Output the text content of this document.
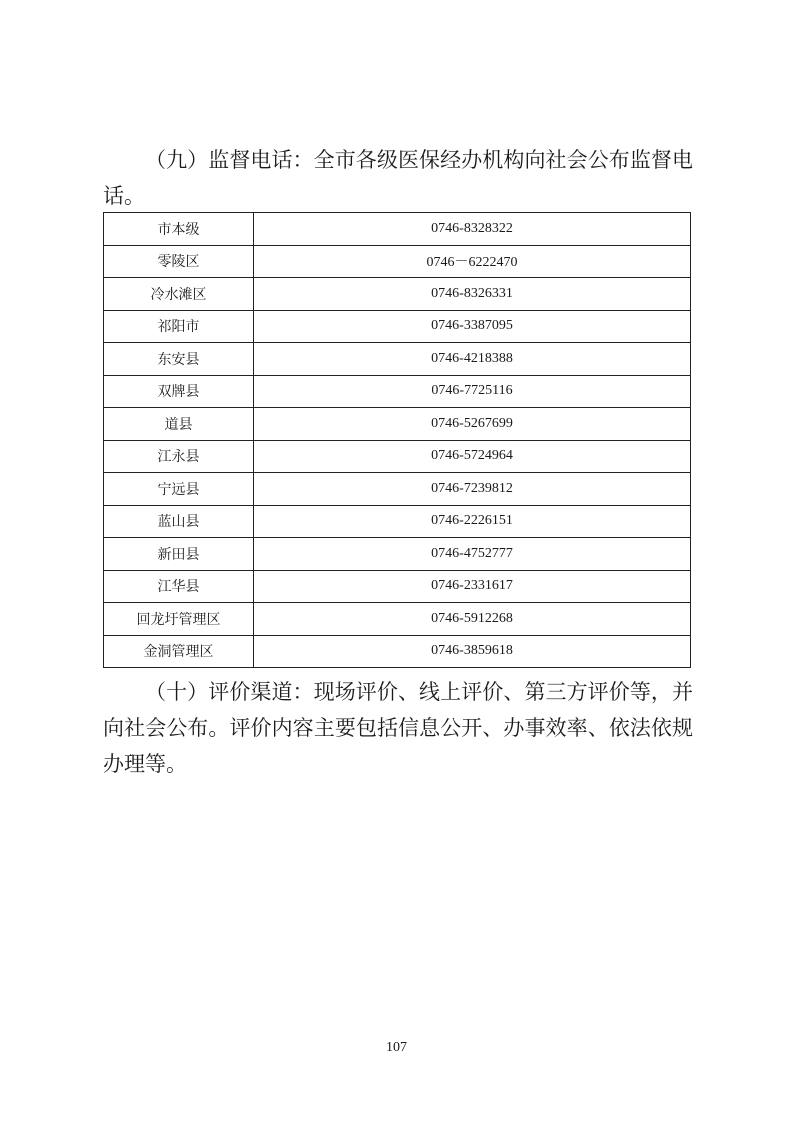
（九）监督电话：全市各级医保经办机构向社会公布监督电话。

市本级	0746-8328322
零陵区	0746－6222470
冷水滩区	0746-8326331
祁阳市	0746-3387095
东安县	0746-4218388
双牌县	0746-7725116
道县	0746-5267699
江永县	0746-5724964
宁远县	0746-7239812
蓝山县	0746-2226151
新田县	0746-4752777
江华县	0746-2331617
回龙圩管理区	0746-5912268
金洞管理区	0746-3859618

（十）评价渠道：现场评价、线上评价、第三方评价等，并向社会公布。评价内容主要包括信息公开、办事效率、依法依规办理等。

107
